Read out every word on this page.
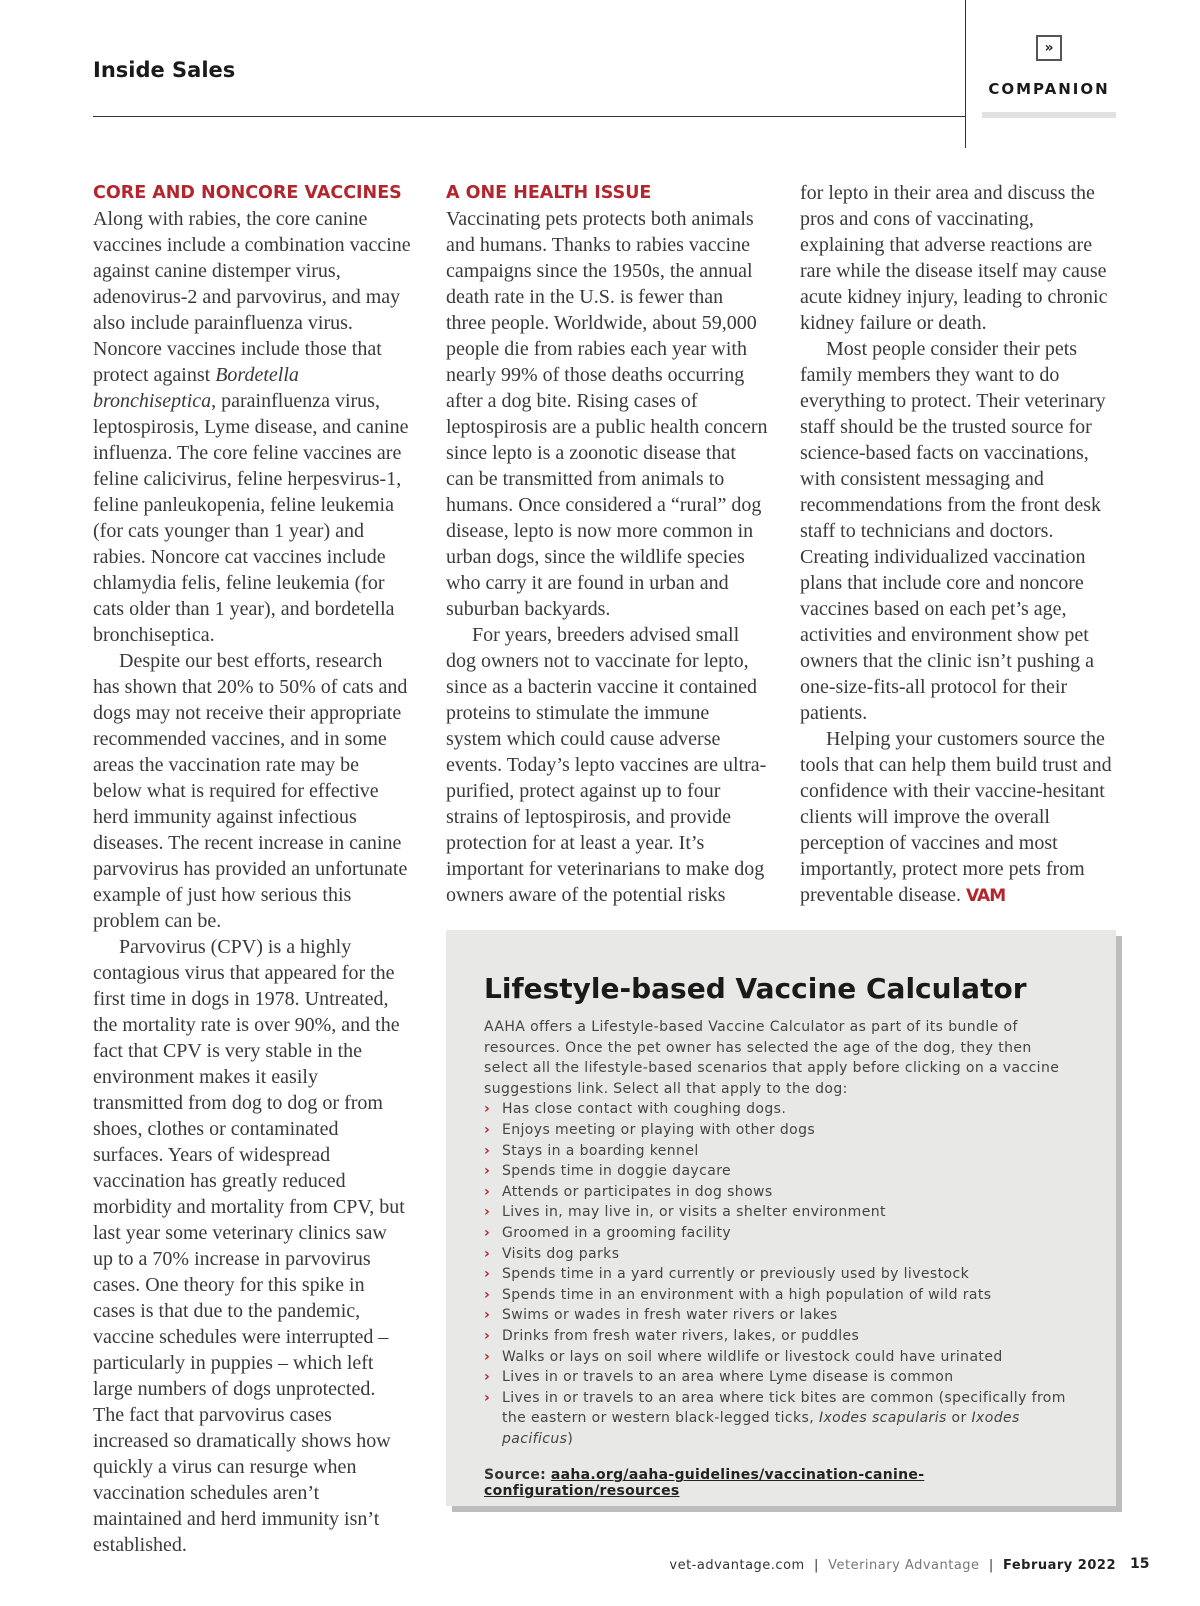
Inside Sales
»
COMPANION
CORE AND NONCORE VACCINES

Along with rabies, the core canine vaccines include a combination vaccine against canine distemper virus, adenovirus-2 and parvovirus, and may also include parainfluenza virus. Noncore vaccines include those that protect against Bordetella bronchiseptica, parainfluenza virus, leptospirosis, Lyme disease, and canine influenza. The core feline vaccines are feline calicivirus, feline herpesvirus-1, feline panleukopenia, feline leukemia (for cats younger than 1 year) and rabies. Noncore cat vaccines include chlamydia felis, feline leukemia (for cats older than 1 year), and bordetella bronchiseptica.

Despite our best efforts, research has shown that 20% to 50% of cats and dogs may not receive their appropriate recommended vaccines, and in some areas the vaccination rate may be below what is required for effective herd immunity against infectious diseases. The recent increase in canine parvovirus has provided an unfortunate example of just how serious this problem can be.

Parvovirus (CPV) is a highly contagious virus that appeared for the first time in dogs in 1978. Untreated, the mortality rate is over 90%, and the fact that CPV is very stable in the environment makes it easily transmitted from dog to dog or from shoes, clothes or contaminated surfaces. Years of widespread vaccination has greatly reduced morbidity and mortality from CPV, but last year some veterinary clinics saw up to a 70% increase in parvovirus cases. One theory for this spike in cases is that due to the pandemic, vaccine schedules were interrupted – particularly in puppies – which left large numbers of dogs unprotected. The fact that parvovirus cases increased so dramatically shows how quickly a virus can resurge when vaccination schedules aren’t maintained and herd immunity isn’t established.

A ONE HEALTH ISSUE

Vaccinating pets protects both animals and humans. Thanks to rabies vaccine campaigns since the 1950s, the annual death rate in the U.S. is fewer than three people. Worldwide, about 59,000 people die from rabies each year with nearly 99% of those deaths occurring after a dog bite. Rising cases of leptospirosis are a public health concern since lepto is a zoonotic disease that can be transmitted from animals to humans. Once considered a “rural” dog disease, lepto is now more common in urban dogs, since the wildlife species who carry it are found in urban and suburban backyards.

For years, breeders advised small dog owners not to vaccinate for lepto, since as a bacterin vaccine it contained proteins to stimulate the immune system which could cause adverse events. Today’s lepto vaccines are ultra-purified, protect against up to four strains of leptospirosis, and provide protection for at least a year. It’s important for veterinarians to make dog owners aware of the potential risks

for lepto in their area and discuss the pros and cons of vaccinating, explaining that adverse reactions are rare while the disease itself may cause acute kidney injury, leading to chronic kidney failure or death.

Most people consider their pets family members they want to do everything to protect. Their veterinary staff should be the trusted source for science-based facts on vaccinations, with consistent messaging and recommendations from the front desk staff to technicians and doctors. Creating individualized vaccination plans that include core and noncore vaccines based on each pet’s age, activities and environment show pet owners that the clinic isn’t pushing a one-size-fits-all protocol for their patients.

Helping your customers source the tools that can help them build trust and confidence with their vaccine-hesitant clients will improve the overall perception of vaccines and most importantly, protect more pets from preventable disease. VAM

Lifestyle-based Vaccine Calculator

AAHA offers a Lifestyle-based Vaccine Calculator as part of its bundle of resources. Once the pet owner has selected the age of the dog, they then select all the lifestyle-based scenarios that apply before clicking on a vaccine suggestions link. Select all that apply to the dog:

› Has close contact with coughing dogs.
› Enjoys meeting or playing with other dogs
› Stays in a boarding kennel
› Spends time in doggie daycare
› Attends or participates in dog shows
› Lives in, may live in, or visits a shelter environment
› Groomed in a grooming facility
› Visits dog parks
› Spends time in a yard currently or previously used by livestock
› Spends time in an environment with a high population of wild rats
› Swims or wades in fresh water rivers or lakes
› Drinks from fresh water rivers, lakes, or puddles
› Walks or lays on soil where wildlife or livestock could have urinated
› Lives in or travels to an area where Lyme disease is common
› Lives in or travels to an area where tick bites are common (specifically from the eastern or western black-legged ticks, Ixodes scapularis or Ixodes pacificus)
Source: aaha.org/aaha-guidelines/vaccination-canine-configuration/resources
vet-advantage.com | Veterinary Advantage | February 2022 15
